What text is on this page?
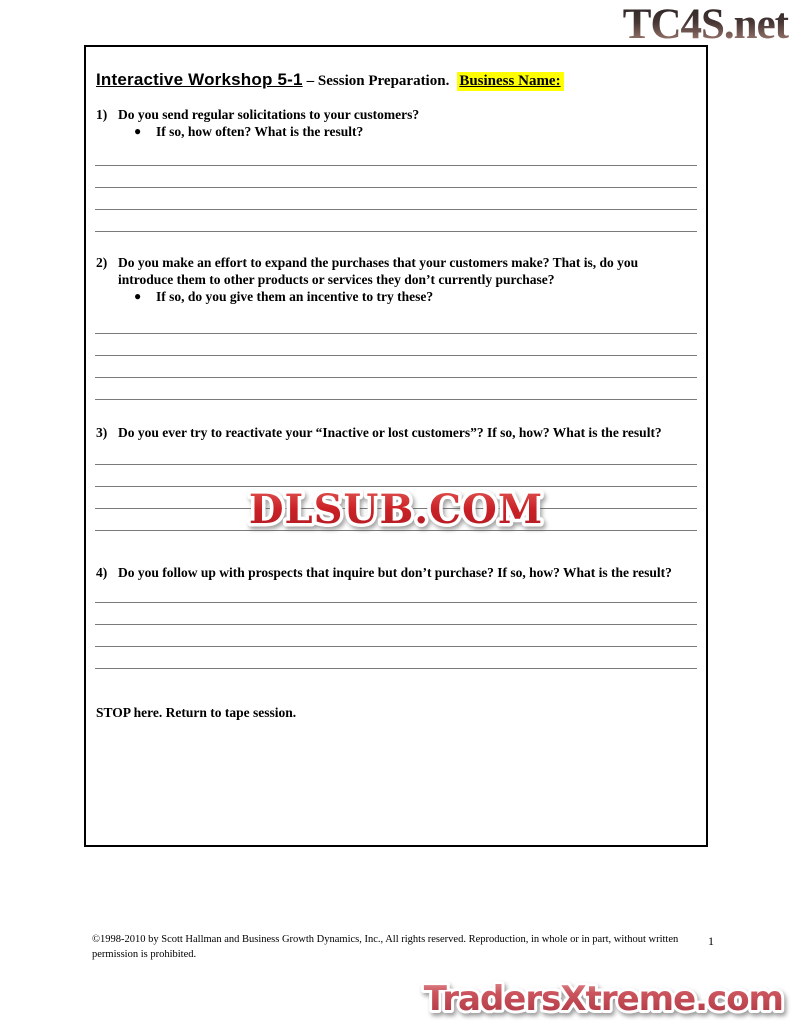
TC4S.net
Interactive Workshop 5-1 – Session Preparation. Business Name:
1) Do you send regular solicitations to your customers?
●	If so, how often? What is the result?
2) Do you make an effort to expand the purchases that your customers make? That is, do you introduce them to other products or services they don’t currently purchase?
●	If so, do you give them an incentive to try these?
3) Do you ever try to reactivate your “Inactive or lost customers”? If so, how? What is the result?
4) Do you follow up with prospects that inquire but don’t purchase? If so, how? What is the result?
STOP here. Return to tape session.
DLSUB.COM
©1998-2010 by Scott Hallman and Business Growth Dynamics, Inc., All rights reserved. Reproduction, in whole or in part, without written permission is prohibited.
1
TradersXtreme.com
